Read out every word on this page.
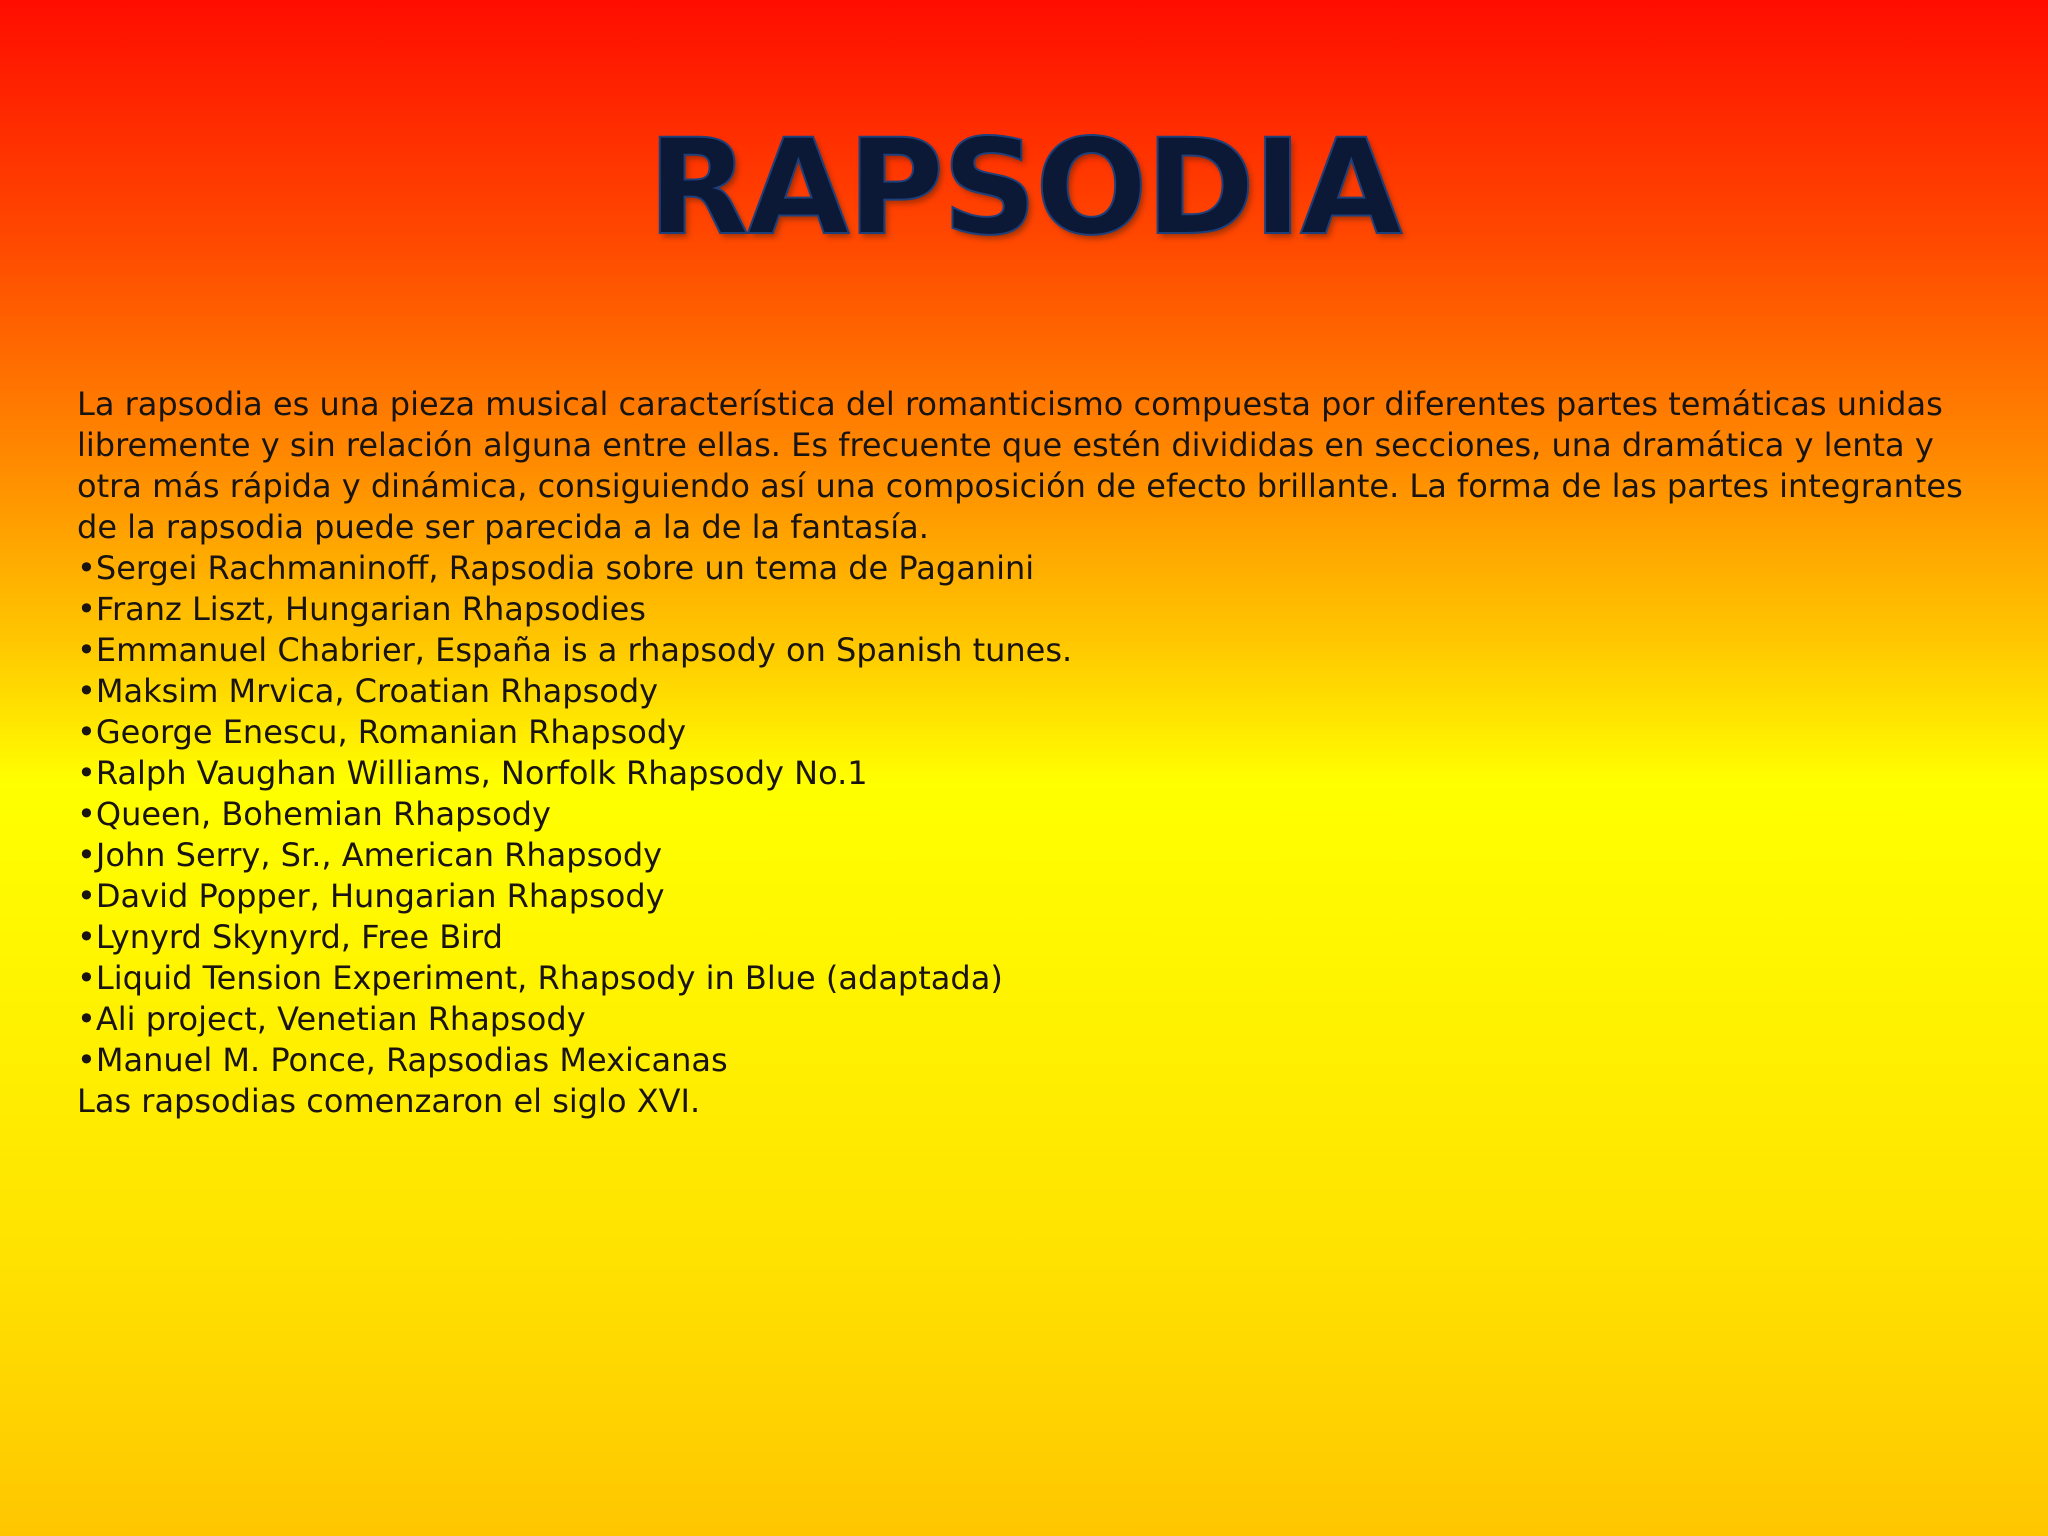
RAPSODIA

La rapsodia es una pieza musical característica del romanticismo compuesta por diferentes partes temáticas unidas libremente y sin relación alguna entre ellas. Es frecuente que estén divididas en secciones, una dramática y lenta y otra más rápida y dinámica, consiguiendo así una composición de efecto brillante. La forma de las partes integrantes de la rapsodia puede ser parecida a la de la fantasía.

• Sergei Rachmaninoff, Rapsodia sobre un tema de Paganini
• Franz Liszt, Hungarian Rhapsodies
• Emmanuel Chabrier, España is a rhapsody on Spanish tunes.
• Maksim Mrvica, Croatian Rhapsody
• George Enescu, Romanian Rhapsody
• Ralph Vaughan Williams, Norfolk Rhapsody No.1
• Queen, Bohemian Rhapsody
• John Serry, Sr., American Rhapsody
• David Popper, Hungarian Rhapsody
• Lynyrd Skynyrd, Free Bird
• Liquid Tension Experiment, Rhapsody in Blue (adaptada)
• Ali project, Venetian Rhapsody
• Manuel M. Ponce, Rapsodias Mexicanas

Las rapsodias comenzaron el siglo XVI.
